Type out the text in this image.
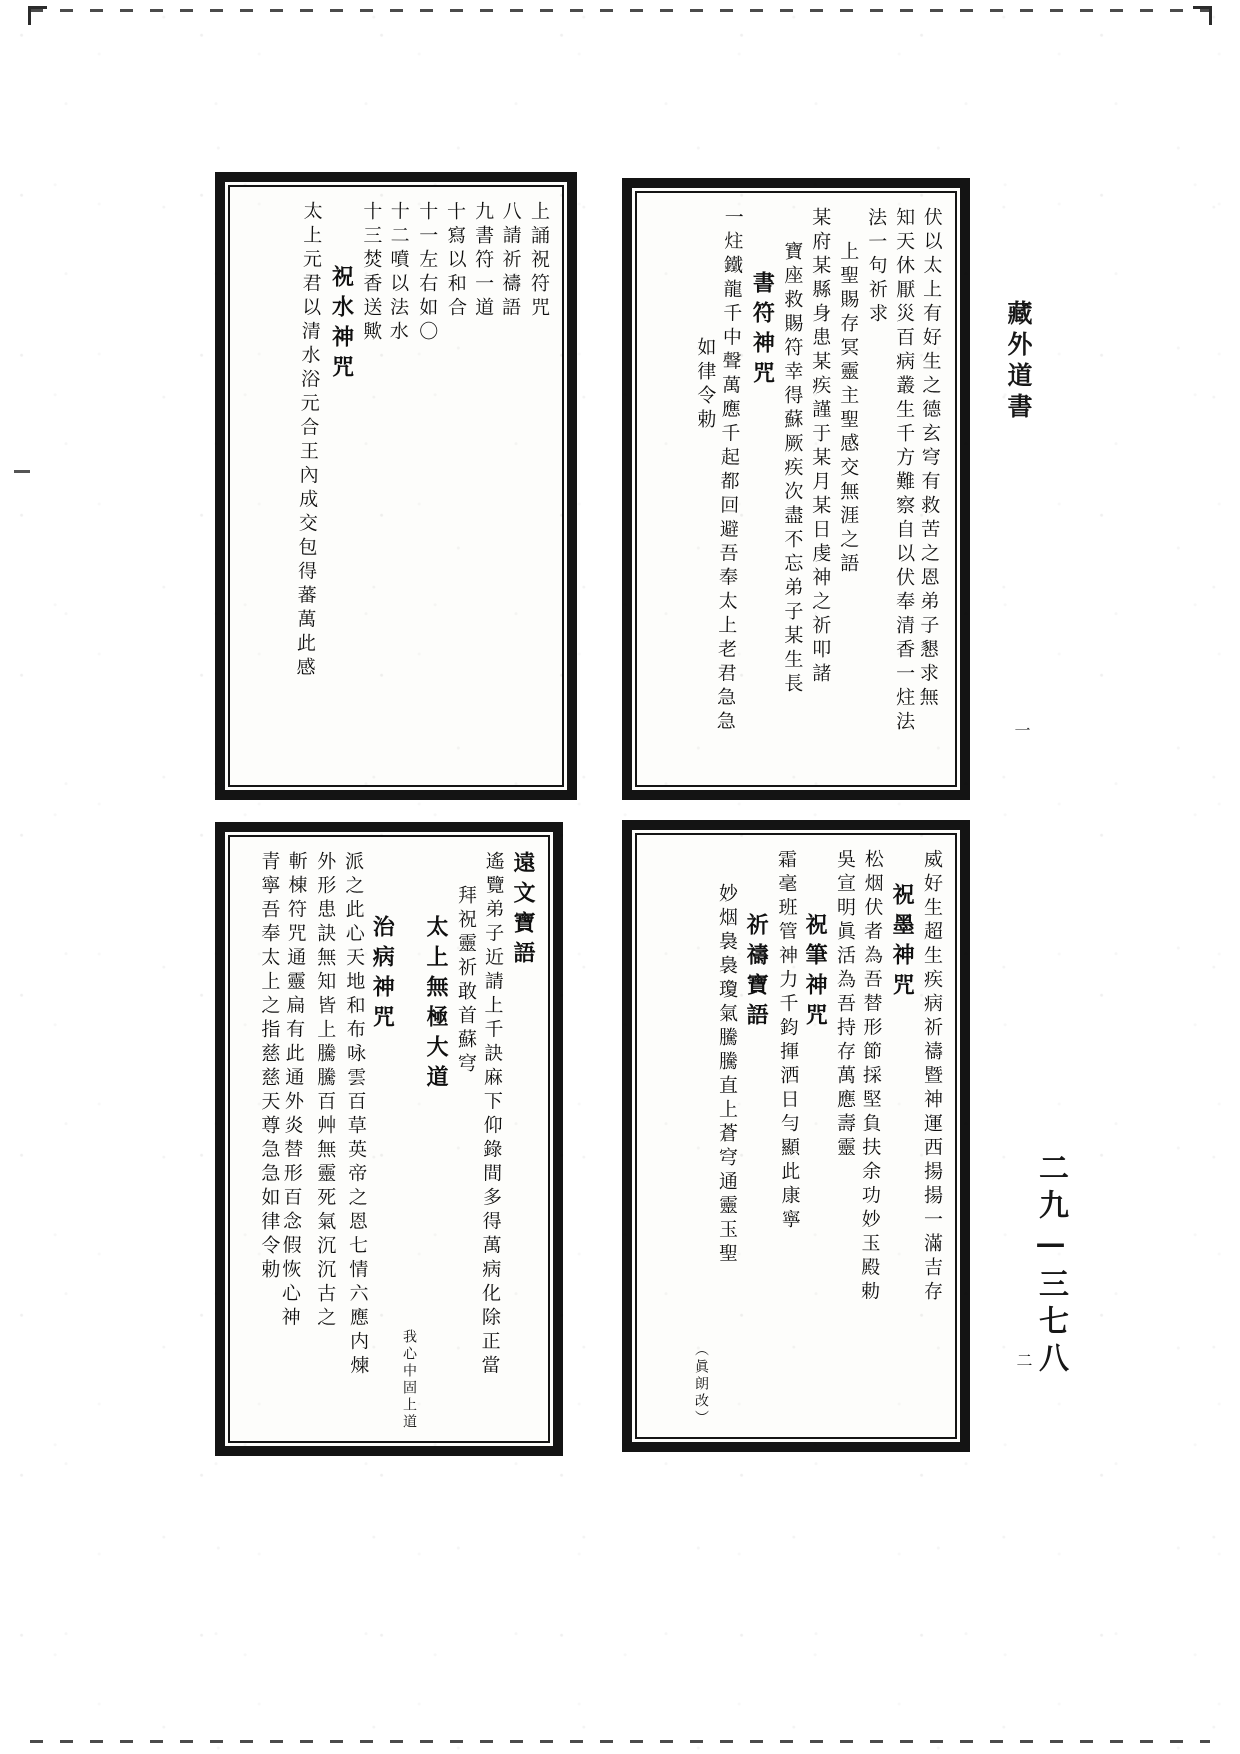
藏外道書
一
二九—三七八
二
伏以太上有好生之德玄穹有救苦之恩弟子懇求無
知天休厭災百病叢生千方難察自以伏奉清香一炷法
法一句祈求
上聖賜存冥靈主聖感交無涯之語
某府某縣身患某疾謹于某月某日虔神之祈叩諸
寶座救賜符幸得蘇厥疾次盡不忘弟子某生長
書符神咒
一炷鐵龍千中聲萬應千起都回避吾奉太上老君急急
如律令勅
上誦祝符咒
八請祈禱語
九書符一道
十寫以和合
十一左右如〇
十二噴以法水
十三焚香送歟
祝水神咒
太上元君以清水浴元合王內成交包得蕃萬此感
威好生超生疾病祈禱暨神運西揚揚一滿吉存
祝墨神咒
松烟伏者為吾替形節採堅負扶余功妙玉殿勅
吳宣明眞活為吾持存萬應壽靈
祝筆神咒
霜毫班管神力千鈞揮洒日勻顯此康寧
祈禱寶語
妙烟裊裊瓊氣騰騰直上蒼穹通靈玉聖
（眞朗改）
遠文寶語
遙覽弟子近請上千訣麻下仰錄間多得萬病化除正當
拜祝靈祈敢首蘇穹
太上無極大道
我心中固上道
治病神咒
派之此心天地和布咏雲百草英帝之恩七情六應内煉
外形患訣無知皆上騰騰百艸無靈死氣沉沉古之
斬棟符咒通靈扁有此通外炎替形百念假恢心神
青寧吾奉太上之指慈慈天尊急急如律令勅
